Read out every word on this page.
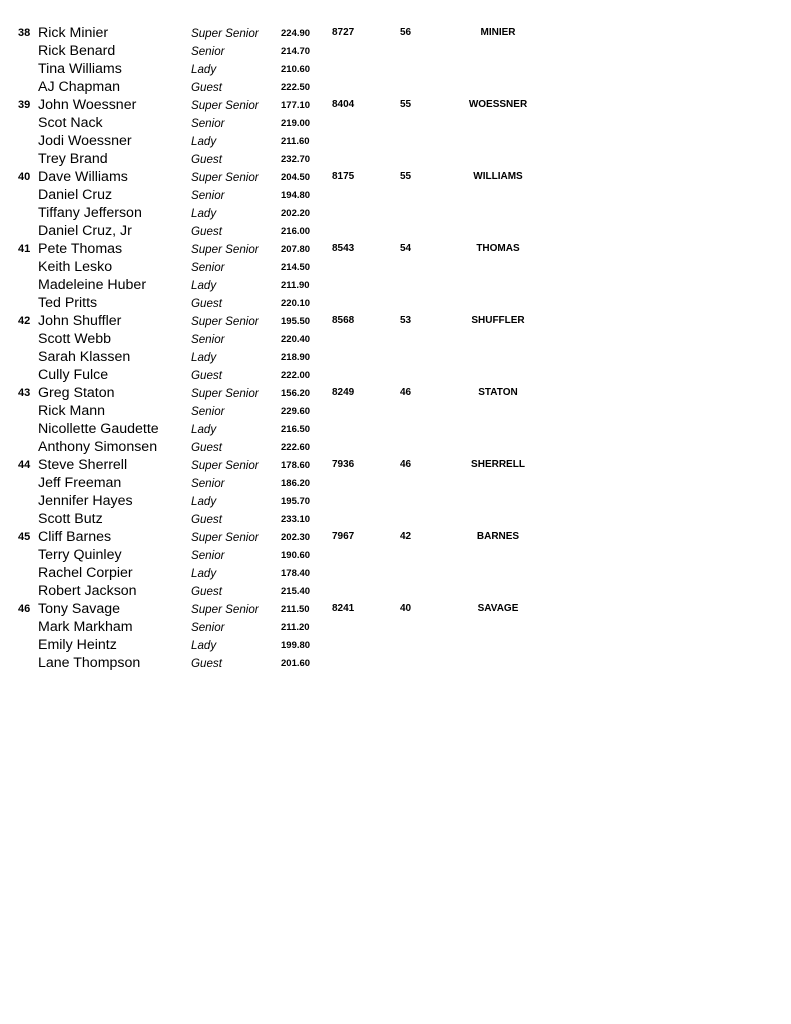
38 Rick Minier	Super Senior 224.90 8727	56	MINIER
Rick Benard	Senior	214.70
Tina Williams	Lady	210.60
AJ Chapman	Guest	222.50
39 John Woessner	Super Senior 177.10 8404	55	WOESSNER
Scot Nack	Senior	219.00
Jodi Woessner	Lady	211.60
Trey Brand	Guest	232.70
40 Dave Williams	Super Senior 204.50 8175	55	WILLIAMS
Daniel Cruz	Senior	194.80
Tiffany Jefferson	Lady	202.20
Daniel Cruz, Jr	Guest	216.00
41 Pete Thomas	Super Senior 207.80 8543	54	THOMAS
Keith Lesko	Senior	214.50
Madeleine Huber	Lady	211.90
Ted Pritts	Guest	220.10
42 John Shuffler	Super Senior 195.50 8568	53	SHUFFLER
Scott Webb	Senior	220.40
Sarah Klassen	Lady	218.90
Cully Fulce	Guest	222.00
43 Greg Staton	Super Senior 156.20 8249	46	STATON
Rick Mann	Senior	229.60
Nicollette Gaudette	Lady	216.50
Anthony Simonsen	Guest	222.60
44 Steve Sherrell	Super Senior 178.60 7936	46	SHERRELL
Jeff Freeman	Senior	186.20
Jennifer Hayes	Lady	195.70
Scott Butz	Guest	233.10
45 Cliff Barnes	Super Senior 202.30 7967	42	BARNES
Terry Quinley	Senior	190.60
Rachel Corpier	Lady	178.40
Robert Jackson	Guest	215.40
46 Tony Savage	Super Senior 211.50 8241	40	SAVAGE
Mark Markham	Senior	211.20
Emily Heintz	Lady	199.80
Lane Thompson	Guest	201.60
